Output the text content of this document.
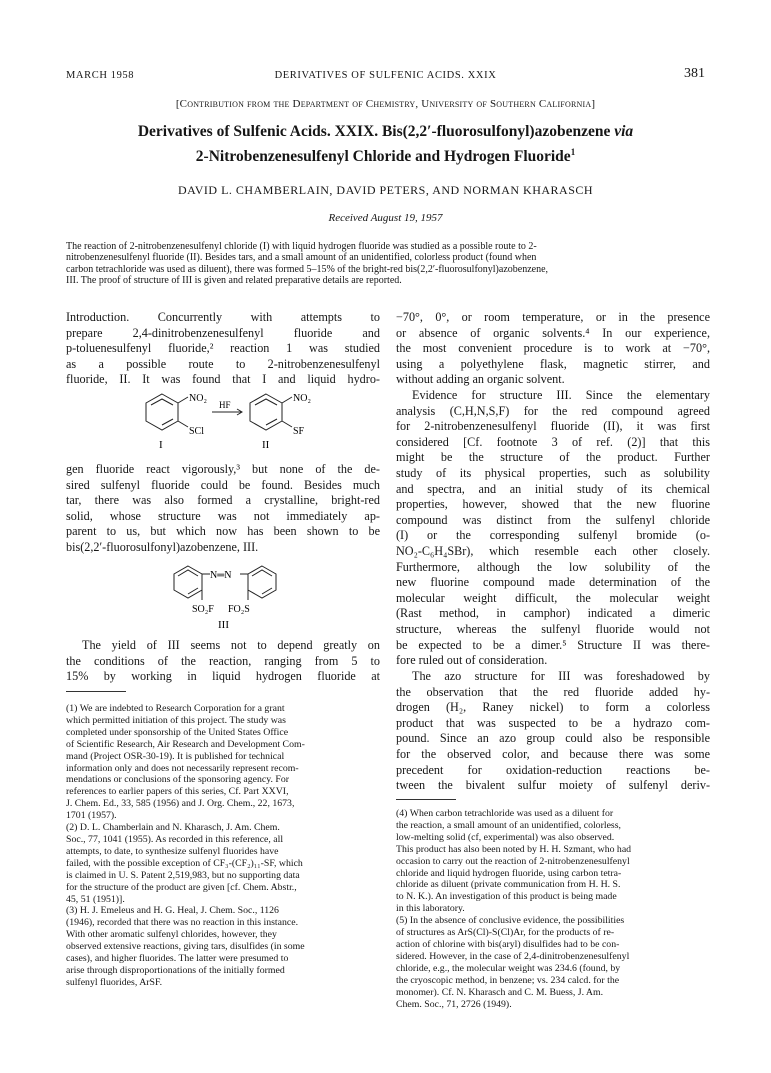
MARCH 1958	DERIVATIVES OF SULFENIC ACIDS. XXIX	381
[Contribution from the Department of Chemistry, University of Southern California]
Derivatives of Sulfenic Acids. XXIX. Bis(2,2′-fluorosulfonyl)azobenzene via
2-Nitrobenzenesulfenyl Chloride and Hydrogen Fluoride$^1$
DAVID L. CHAMBERLAIN, DAVID PETERS, AND NORMAN KHARASCH
Received August 19, 1957
The reaction of 2-nitrobenzenesulfenyl chloride (I) with liquid hydrogen fluoride was studied as a possible route to 2-
nitrobenzenesulfenyl fluoride (II). Besides tars, and a small amount of an unidentified, colorless product (found when
carbon tetrachloride was used as diluent), there was formed 5–15% of the bright-red bis(2,2′-fluorosulfonyl)azobenzene,
III. The proof of structure of III is given and related preparative details are reported.
Introduction. Concurrently with attempts to
prepare 2,4-dinitrobenzenesulfenyl fluoride and
p-toluenesulfenyl fluoride,² reaction 1 was studied
as a possible route to 2-nitrobenzenesulfenyl
fluoride, II. It was found that I and liquid hydro-
NO₂
SCl
I
HF
NO₂
SF
II
gen fluoride react vigorously,³ but none of the de-
sired sulfenyl fluoride could be found. Besides much
tar, there was also formed a crystalline, bright-red
solid, whose structure was not immediately ap-
parent to us, but which now has been shown to be
bis(2,2′-fluorosulfonyl)azobenzene, III.
N═N
SO₂F FO₂S
III
The yield of III seems not to depend greatly on
the conditions of the reaction, ranging from 5 to
15% by working in liquid hydrogen fluoride at
(1) We are indebted to Research Corporation for a grant
which permitted initiation of this project. The study was
completed under sponsorship of the United States Office
of Scientific Research, Air Research and Development Com-
mand (Project OSR-30-19). It is published for technical
information only and does not necessarily represent recom-
mendations or conclusions of the sponsoring agency. For
references to earlier papers of this series, Cf. Part XXVI,
J. Chem. Ed., 33, 585 (1956) and J. Org. Chem., 22, 1673,
1701 (1957).
(2) D. L. Chamberlain and N. Kharasch, J. Am. Chem.
Soc., 77, 1041 (1955). As recorded in this reference, all
attempts, to date, to synthesize sulfenyl fluorides have
failed, with the possible exception of CF₃-(CF₂)₁₁-SF, which
is claimed in U. S. Patent 2,519,983, but no supporting data
for the structure of the product are given [cf. Chem. Abstr.,
45, 51 (1951)].
(3) H. J. Emeleus and H. G. Heal, J. Chem. Soc., 1126
(1946), recorded that there was no reaction in this instance.
With other aromatic sulfenyl chlorides, however, they
observed extensive reactions, giving tars, disulfides (in some
cases), and higher fluorides. The latter were presumed to
arise through disproportionations of the initially formed
sulfenyl fluorides, ArSF.
−70°, 0°, or room temperature, or in the presence
or absence of organic solvents.⁴ In our experience,
the most convenient procedure is to work at −70°,
using a polyethylene flask, magnetic stirrer, and
without adding an organic solvent.
Evidence for structure III. Since the elementary
analysis (C,H,N,S,F) for the red compound agreed
for 2-nitrobenzenesulfenyl fluoride (II), it was first
considered [Cf. footnote 3 of ref. (2)] that this
might be the structure of the product. Further
study of its physical properties, such as solubility
and spectra, and an initial study of its chemical
properties, however, showed that the new fluorine
compound was distinct from the sulfenyl chloride
(I) or the corresponding sulfenyl bromide (o-
NO₂-C₆H₄SBr), which resemble each other closely.
Furthermore, although the low solubility of the
new fluorine compound made determination of the
molecular weight difficult, the molecular weight
(Rast method, in camphor) indicated a dimeric
structure, whereas the sulfenyl fluoride would not
be expected to be a dimer.⁵ Structure II was there-
fore ruled out of consideration.
The azo structure for III was foreshadowed by
the observation that the red fluoride added hy-
drogen (H₂, Raney nickel) to form a colorless
product that was suspected to be a hydrazo com-
pound. Since an azo group could also be responsible
for the observed color, and because there was some
precedent for oxidation-reduction reactions be-
tween the bivalent sulfur moiety of sulfenyl deriv-
(4) When carbon tetrachloride was used as a diluent for
the reaction, a small amount of an unidentified, colorless,
low-melting solid (cf, experimental) was also observed.
This product has also been noted by H. H. Szmant, who had
occasion to carry out the reaction of 2-nitrobenzenesulfenyl
chloride and liquid hydrogen fluoride, using carbon tetra-
chloride as diluent (private communication from H. H. S.
to N. K.). An investigation of this product is being made
in this laboratory.
(5) In the absence of conclusive evidence, the possibilities
of structures as ArS(Cl)-S(Cl)Ar, for the products of re-
action of chlorine with bis(aryl) disulfides had to be con-
sidered. However, in the case of 2,4-dinitrobenzenesulfenyl
chloride, e.g., the molecular weight was 234.6 (found, by
the cryoscopic method, in benzene; vs. 234 calcd. for the
monomer). Cf. N. Kharasch and C. M. Buess, J. Am.
Chem. Soc., 71, 2726 (1949).
